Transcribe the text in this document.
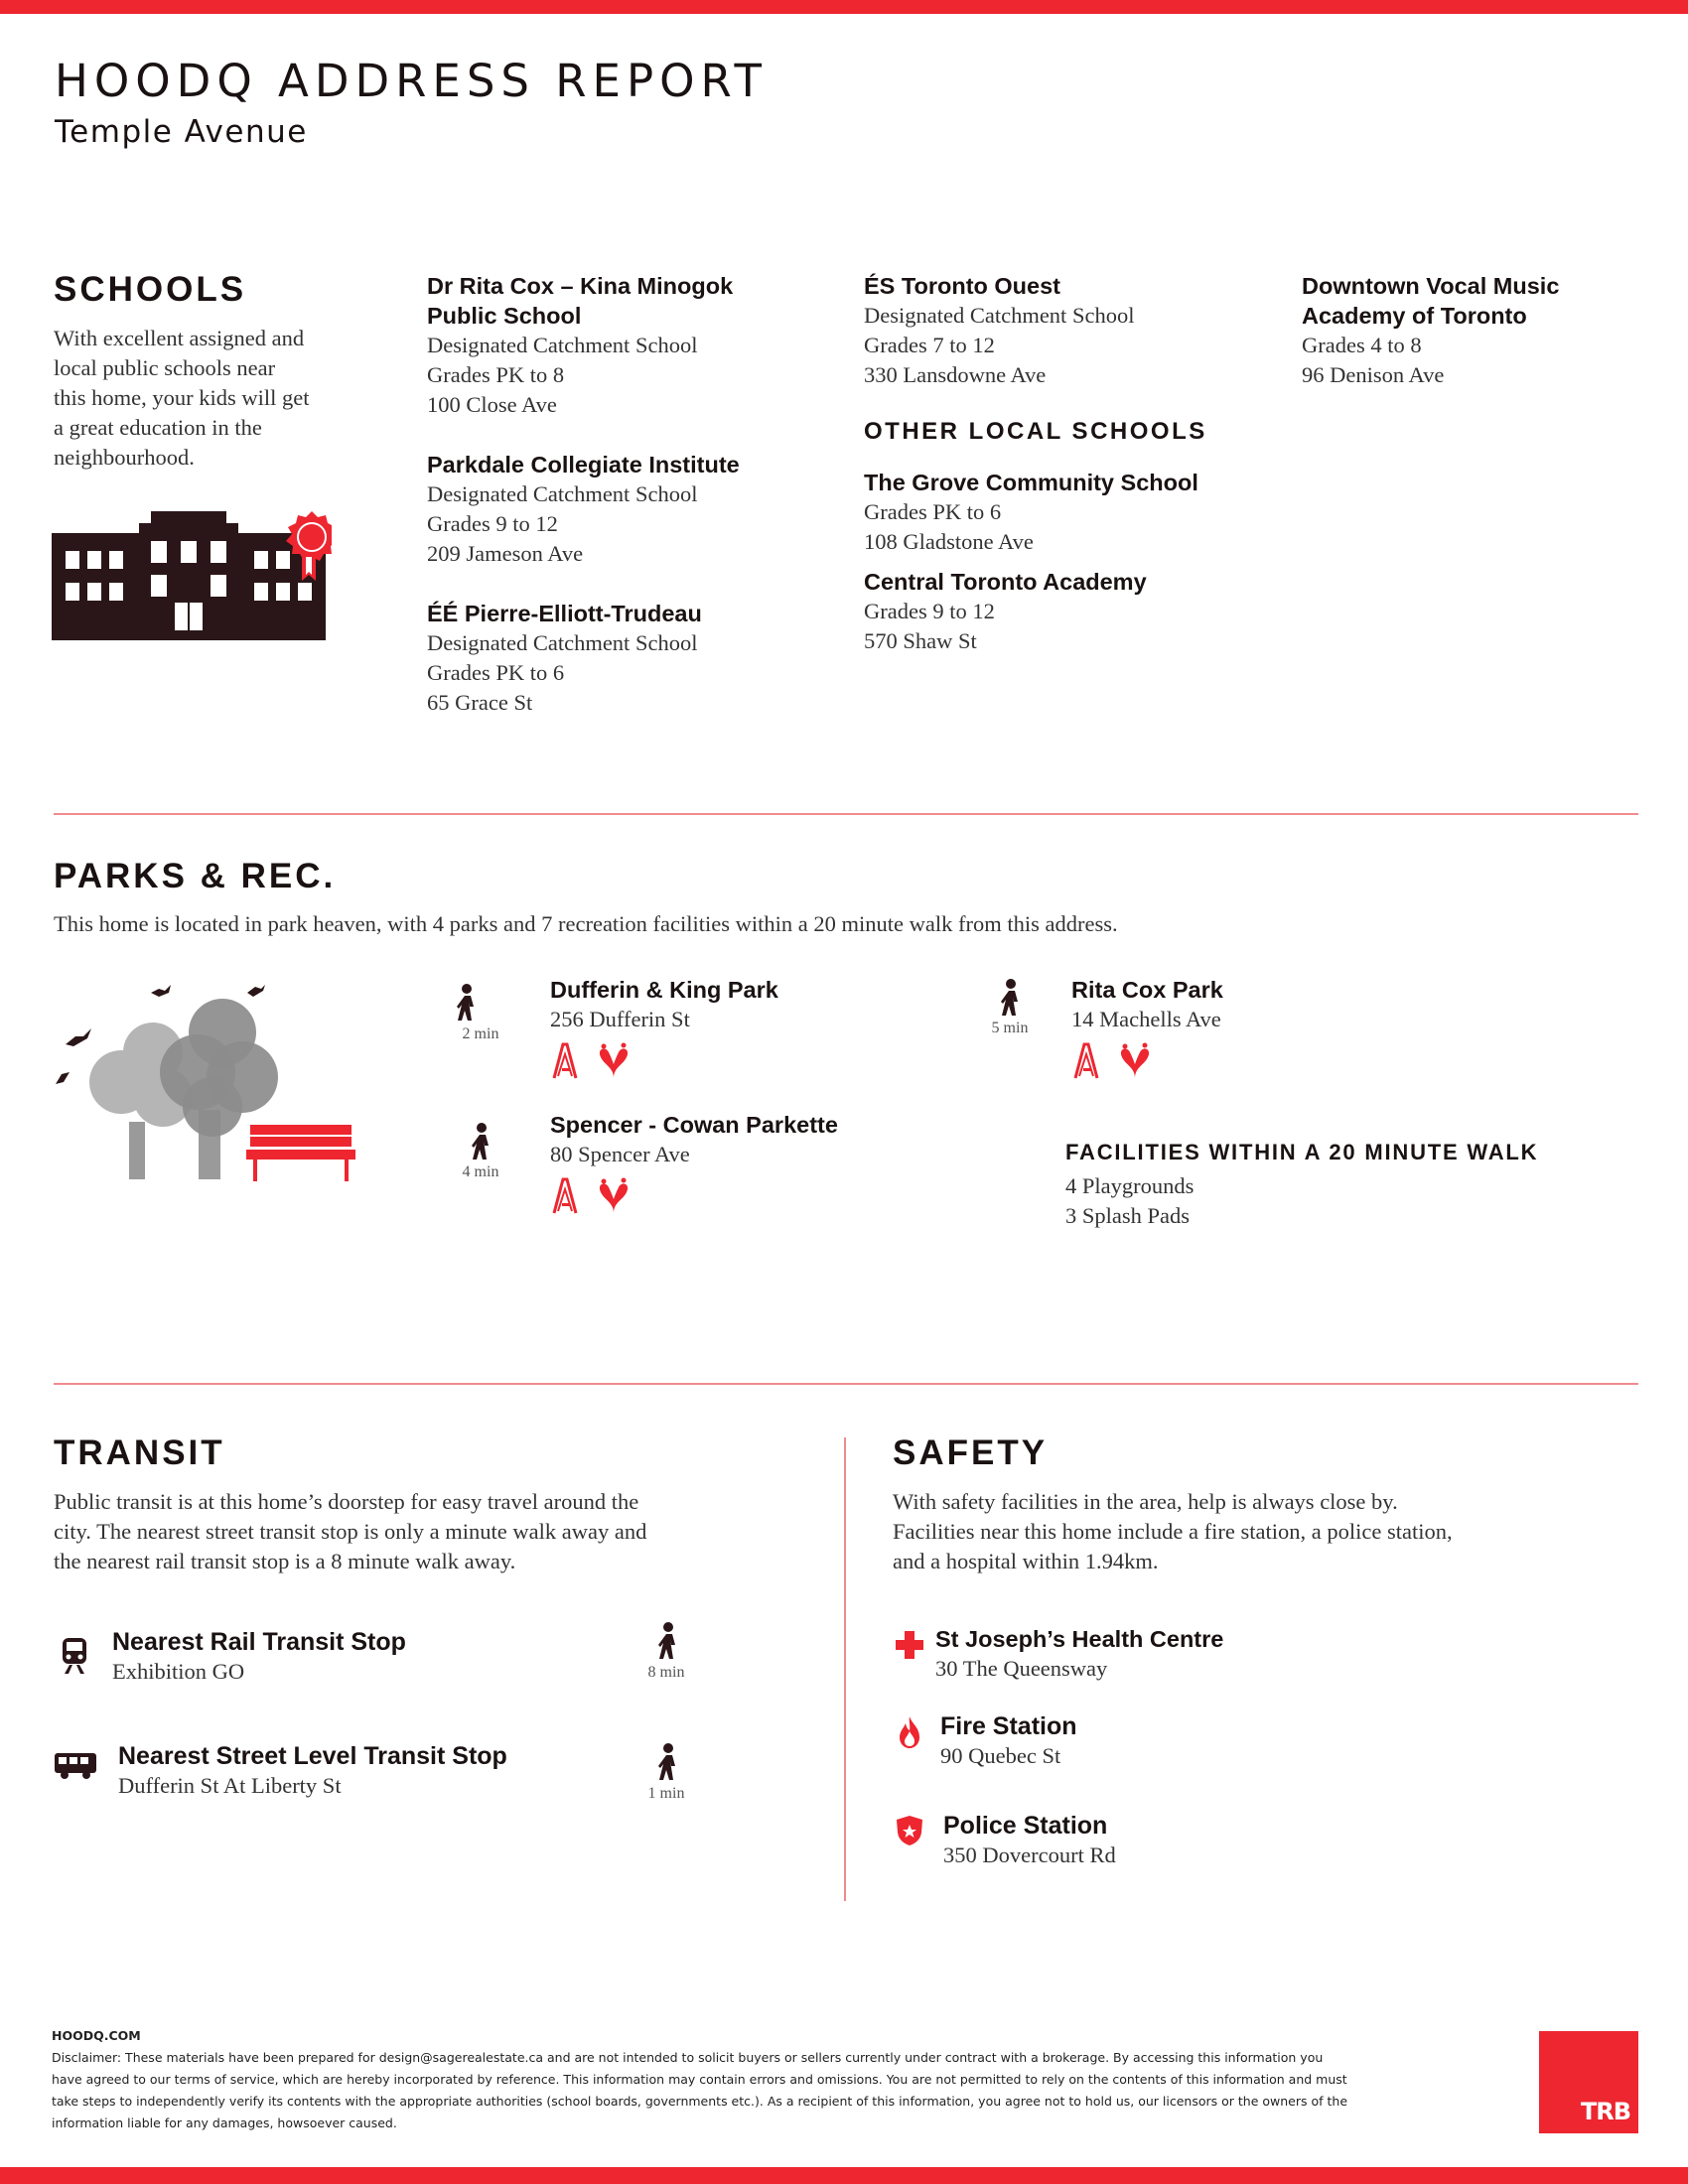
HOODQ ADDRESS REPORT
Temple Avenue
SCHOOLS
With excellent assigned and
local public schools near
this home, your kids will get
a great education in the
neighbourhood.
Dr Rita Cox – Kina Minogok
Public School
Designated Catchment School
Grades PK to 8
100 Close Ave
Parkdale Collegiate Institute
Designated Catchment School
Grades 9 to 12
209 Jameson Ave
ÉÉ Pierre-Elliott-Trudeau
Designated Catchment School
Grades PK to 6
65 Grace St
ÉS Toronto Ouest
Designated Catchment School
Grades 7 to 12
330 Lansdowne Ave
OTHER LOCAL SCHOOLS
The Grove Community School
Grades PK to 6
108 Gladstone Ave
Central Toronto Academy
Grades 9 to 12
570 Shaw St
Downtown Vocal Music
Academy of Toronto
Grades 4 to 8
96 Denison Ave
PARKS & REC.
This home is located in park heaven, with 4 parks and 7 recreation facilities within a 20 minute walk from this address.
2 min
Dufferin & King Park
256 Dufferin St
4 min
Spencer - Cowan Parkette
80 Spencer Ave
5 min
Rita Cox Park
14 Machells Ave
FACILITIES WITHIN A 20 MINUTE WALK
4 Playgrounds
3 Splash Pads
TRANSIT
Public transit is at this home’s doorstep for easy travel around the
city. The nearest street transit stop is only a minute walk away and
the nearest rail transit stop is a 8 minute walk away.
Nearest Rail Transit Stop
Exhibition GO	8 min
Nearest Street Level Transit Stop
Dufferin St At Liberty St	1 min
SAFETY
With safety facilities in the area, help is always close by.
Facilities near this home include a fire station, a police station,
and a hospital within 1.94km.
St Joseph’s Health Centre
30 The Queensway
Fire Station
90 Quebec St
Police Station
350 Dovercourt Rd
HOODQ.COM
Disclaimer: These materials have been prepared for design@sagerealestate.ca and are not intended to solicit buyers or sellers currently under contract with a brokerage. By accessing this information you
have agreed to our terms of service, which are hereby incorporated by reference. This information may contain errors and omissions. You are not permitted to rely on the contents of this information and must
take steps to independently verify its contents with the appropriate authorities (school boards, governments etc.). As a recipient of this information, you agree not to hold us, our licensors or the owners of the
information liable for any damages, howsoever caused.	TRB
